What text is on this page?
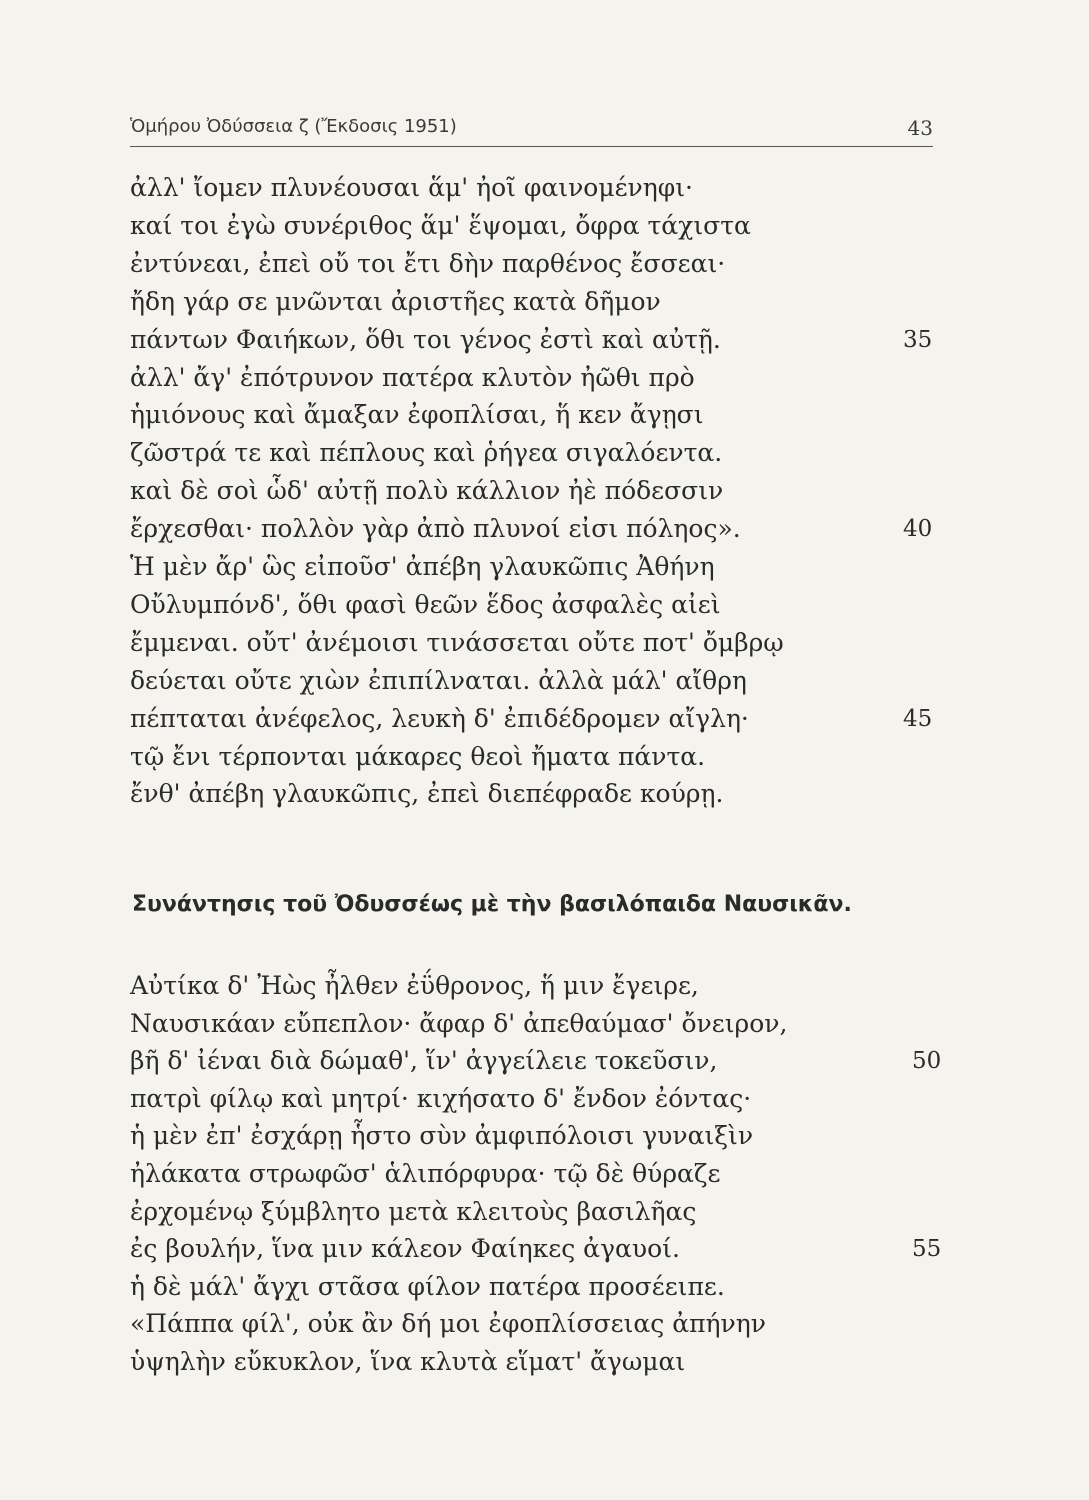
Ὁμήρου Ὀδύσσεια ζ (Ἔκδοσις 1951)	43
ἀλλ' ἴομεν πλυνέουσαι ἅμ' ἠοῖ φαινομένηφι·
καί τοι ἐγὼ συνέριθος ἅμ' ἕψομαι, ὄφρα τάχιστα
ἐντύνεαι, ἐπεὶ οὔ τοι ἔτι δὴν παρθένος ἔσσεαι·
ἤδη γάρ σε μνῶνται ἀριστῆες κατὰ δῆμον
πάντων Φαιήκων, ὅθι τοι γένος ἐστὶ καὶ αὐτῇ.	35
ἀλλ' ἄγ' ἐπότρυνον πατέρα κλυτὸν ἠῶθι πρὸ
ἡμιόνους καὶ ἄμαξαν ἐφοπλίσαι, ἥ κεν ἄγῃσι
ζῶστρά τε καὶ πέπλους καὶ ῥήγεα σιγαλόεντα.
καὶ δὲ σοὶ ὧδ' αὐτῇ πολὺ κάλλιον ἠὲ πόδεσσιν
ἔρχεσθαι· πολλὸν γὰρ ἀπὸ πλυνοί εἰσι πόληος».	40
Ἡ μὲν ἄρ' ὣς εἰποῦσ' ἀπέβη γλαυκῶπις Ἀθήνη
Οὔλυμπόνδ', ὅθι φασὶ θεῶν ἕδος ἀσφαλὲς αἰεὶ
ἔμμεναι. οὔτ' ἀνέμοισι τινάσσεται οὔτε ποτ' ὄμβρῳ
δεύεται οὔτε χιὼν ἐπιπίλναται. ἀλλὰ μάλ' αἴθρη
πέπταται ἀνέφελος, λευκὴ δ' ἐπιδέδρομεν αἴγλη·	45
τῷ ἔνι τέρπονται μάκαρες θεοὶ ἤματα πάντα.
ἔνθ' ἀπέβη γλαυκῶπις, ἐπεὶ διεπέφραδε κούρῃ.
Συνάντησις τοῦ Ὀδυσσέως μὲ τὴν βασιλόπαιδα Ναυσικᾶν.
Αὐτίκα δ' Ἠὼς ἦλθεν ἐΰθρονος, ἥ μιν ἔγειρε,
Ναυσικάαν εὔπεπλον· ἄφαρ δ' ἀπεθαύμασ' ὄνειρον,
βῆ δ' ἰέναι διὰ δώμαθ', ἵν' ἀγγείλειε τοκεῦσιν,	50
πατρὶ φίλῳ καὶ μητρί· κιχήσατο δ' ἔνδον ἐόντας·
ἡ μὲν ἐπ' ἐσχάρῃ ἧστο σὺν ἀμφιπόλοισι γυναιξὶν
ἠλάκατα στρωφῶσ' ἁλιπόρφυρα· τῷ δὲ θύραζε
ἐρχομένῳ ξύμβλητο μετὰ κλειτοὺς βασιλῆας
ἐς βουλήν, ἵνα μιν κάλεον Φαίηκες ἀγαυοί.	55
ἡ δὲ μάλ' ἄγχι στᾶσα φίλον πατέρα προσέειπε.
«Πάππα φίλ', οὐκ ἂν δή μοι ἐφοπλίσσειας ἀπήνην
ὑψηλὴν εὔκυκλον, ἵνα κλυτὰ εἵματ' ἄγωμαι
